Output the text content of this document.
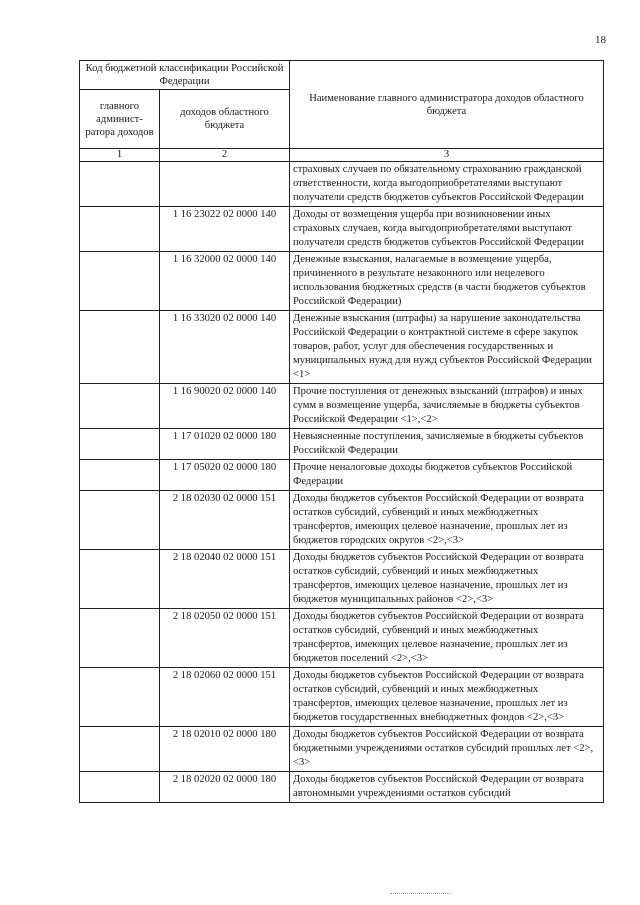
18
Код бюджетной классификации Российской Федерации		Наименование главного администратора доходов областного бюджета
главного админист-ратора доходов	доходов областного бюджета	
1	2	3
		страховых случаев по обязательному страхованию гражданской ответственности, когда выгодоприобретателями выступают получатели средств бюджетов субъектов Российской Федерации
	1 16 23022 02 0000 140	Доходы от возмещения ущерба при возникновении иных страховых случаев, когда выгодоприобретателями выступают получатели средств бюджетов субъектов Российской Федерации
	1 16 32000 02 0000 140	Денежные взыскания, налагаемые в возмещение ущерба, причиненного в результате незаконного или нецелевого использования бюджетных средств (в части бюджетов субъектов Российской Федерации)
	1 16 33020 02 0000 140	Денежные взыскания (штрафы) за нарушение законодательства Российской Федерации о контрактной системе в сфере закупок товаров, работ, услуг для обеспечения государственных и муниципальных нужд для нужд субъектов Российской Федерации <1>
	1 16 90020 02 0000 140	Прочие поступления от денежных взысканий (штрафов) и иных сумм в возмещение ущерба, зачисляемые в бюджеты субъектов Российской Федерации <1>,<2>
	1 17 01020 02 0000 180	Невыясненные поступления, зачисляемые в бюджеты субъектов Российской Федерации
	1 17 05020 02 0000 180	Прочие неналоговые доходы бюджетов субъектов Российской Федерации
	2 18 02030 02 0000 151	Доходы бюджетов субъектов Российской Федерации от возврата остатков субсидий, субвенций и иных межбюджетных трансфертов, имеющих целевое назначение, прошлых лет из бюджетов городских округов <2>,<3>
	2 18 02040 02 0000 151	Доходы бюджетов субъектов Российской Федерации от возврата остатков субсидий, субвенций и иных межбюджетных трансфертов, имеющих целевое назначение, прошлых лет из бюджетов муниципальных районов <2>,<3>
	2 18 02050 02 0000 151	Доходы бюджетов субъектов Российской Федерации от возврата остатков субсидий, субвенций и иных межбюджетных трансфертов, имеющих целевое назначение, прошлых лет из бюджетов поселений <2>,<3>
	2 18 02060 02 0000 151	Доходы бюджетов субъектов Российской Федерации от возврата остатков субсидий, субвенций и иных межбюджетных трансфертов, имеющих целевое назначение, прошлых лет из бюджетов государственных внебюджетных фондов <2>,<3>
	2 18 02010 02 0000 180	Доходы бюджетов субъектов Российской Федерации от возврата бюджетными учреждениями остатков субсидий прошлых лет <2>,<3>
	2 18 02020 02 0000 180	Доходы бюджетов субъектов Российской Федерации от возврата автономными учреждениями остатков субсидий
